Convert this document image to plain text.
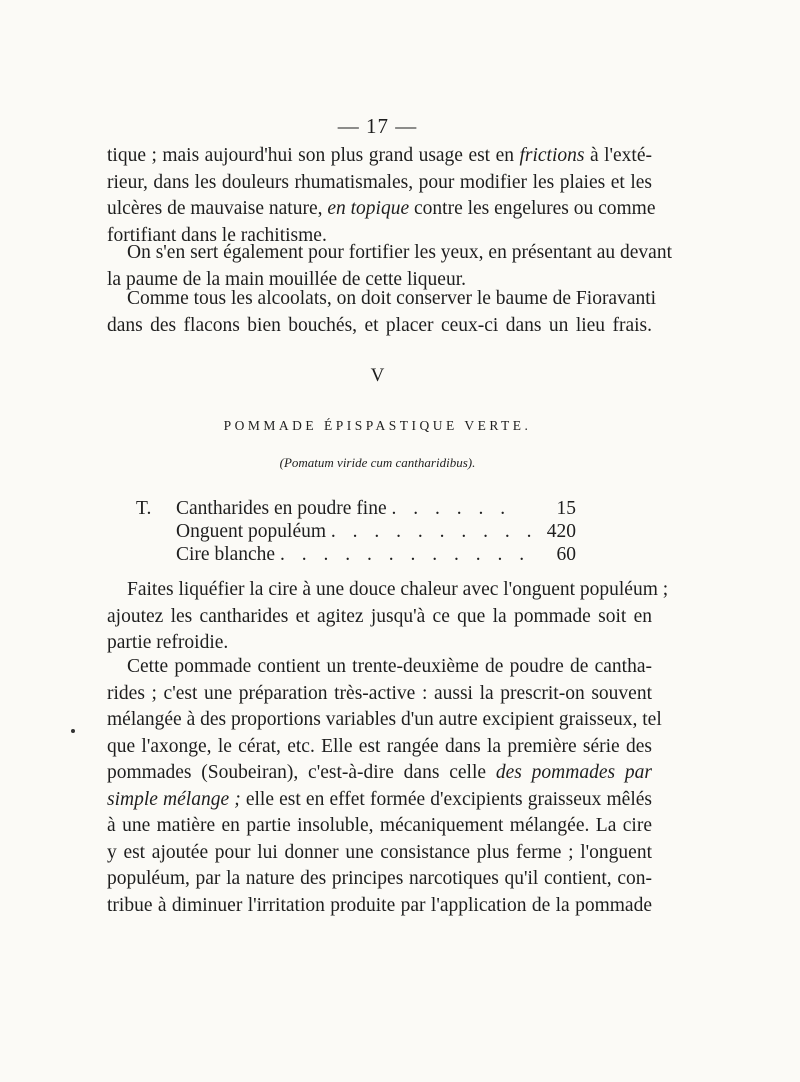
— 17 —
tique ; mais aujourd'hui son plus grand usage est en frictions à l'exté-
rieur, dans les douleurs rhumatismales, pour modifier les plaies et les
ulcères de mauvaise nature, en topique contre les engelures ou comme
fortifiant dans le rachitisme.
On s'en sert également pour fortifier les yeux, en présentant au devant
la paume de la main mouillée de cette liqueur.
Comme tous les alcoolats, on doit conserver le baume de Fioravanti
dans des flacons bien bouchés, et placer ceux-ci dans un lieu frais.
V
POMMADE ÉPISPASTIQUE VERTE.
(Pomatum viride cum cantharidibus).
T. Cantharides en poudre fine . . . . . . 15
Onguent populéum . . . . . . . . . . 420
Cire blanche . . . . . . . . . . . . 60
Faites liquéfier la cire à une douce chaleur avec l'onguent populéum ;
ajoutez les cantharides et agitez jusqu'à ce que la pommade soit en
partie refroidie.
Cette pommade contient un trente-deuxième de poudre de cantha-
rides ; c'est une préparation très-active : aussi la prescrit-on souvent
mélangée à des proportions variables d'un autre excipient graisseux, tel
que l'axonge, le cérat, etc. Elle est rangée dans la première série des
pommades (Soubeiran), c'est-à-dire dans celle des pommades par
simple mélange ; elle est en effet formée d'excipients graisseux mêlés
à une matière en partie insoluble, mécaniquement mélangée. La cire
y est ajoutée pour lui donner une consistance plus ferme ; l'onguent
populéum, par la nature des principes narcotiques qu'il contient, con-
tribue à diminuer l'irritation produite par l'application de la pommade
